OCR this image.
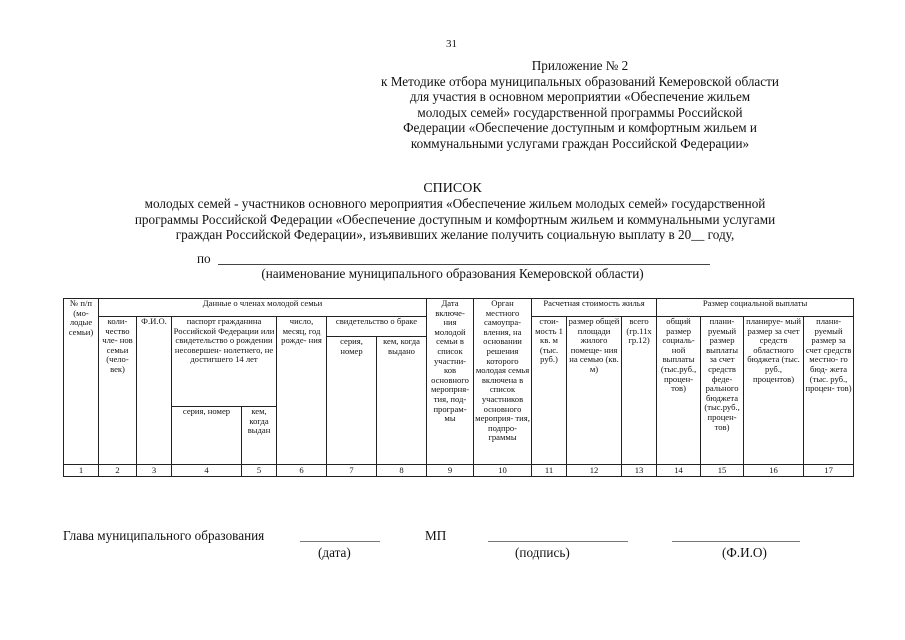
31
Приложение № 2
к Методике отбора муниципальных образований Кемеровской области
для участия в основном мероприятии «Обеспечение жильем
молодых семей» государственной программы Российской
Федерации «Обеспечение доступным и комфортным жильем и
коммунальными услугами граждан Российской Федерации»
СПИСОК
молодых семей - участников основного мероприятия «Обеспечение жильем молодых семей» государственной
программы Российской Федерации «Обеспечение доступным и комфортным жильем и коммунальными услугами
граждан Российской Федерации», изъявивших желание получить социальную выплату в 20__ году,
по
(наименование муниципального образования Кемеровской области)
№ п/п (мо- лодые семьи)	Данные о членах молодой семьи							Дата включе- ния молодой семьи в список участни- ков основного меропрня- тия, под- програм- мы	Орган местного самоупра- вления, на основании решения которого молодая семья включена в список участников основного мероприя- тия, подпро- граммы	Расчетная стоимость жилья			Размер социальной выплаты			
	коли- чество чле- нов семьи (чело- век)	Ф.И.О.	паспорт гражданина Российской Федерации или свидетельство о рождении несовершен- нолетнего, не достигшего 14 лет		число, месяц, год рожде- ния	свидетельство о браке				стои- мость 1 кв. м (тыс. руб.)	размер общей площади жилого помеще- ния на семью (кв. м)	всего (гр.11х гр.12)	общий размер социаль- ной выплаты (тыс.руб., процен- тов)	плани- руемый размер выплаты за счет средств феде- рального бюджета (тыс.руб., процен- тов)	планируе- мый размер за счет средств областного бюджета (тыс. руб., процентов)	плани- руемый размер за счет средств местно- го бюд- жета (тыс. руб., процен- тов)
						серия, номер	кем, когда выдано									
			серия, номер	кем, когда выдан												
1	2	3	4	5	6	7	8	9	10	11	12	13	14	15	16	17
Глава муниципального образования
(дата)
МП
(подпись)	(Ф.И.О)
